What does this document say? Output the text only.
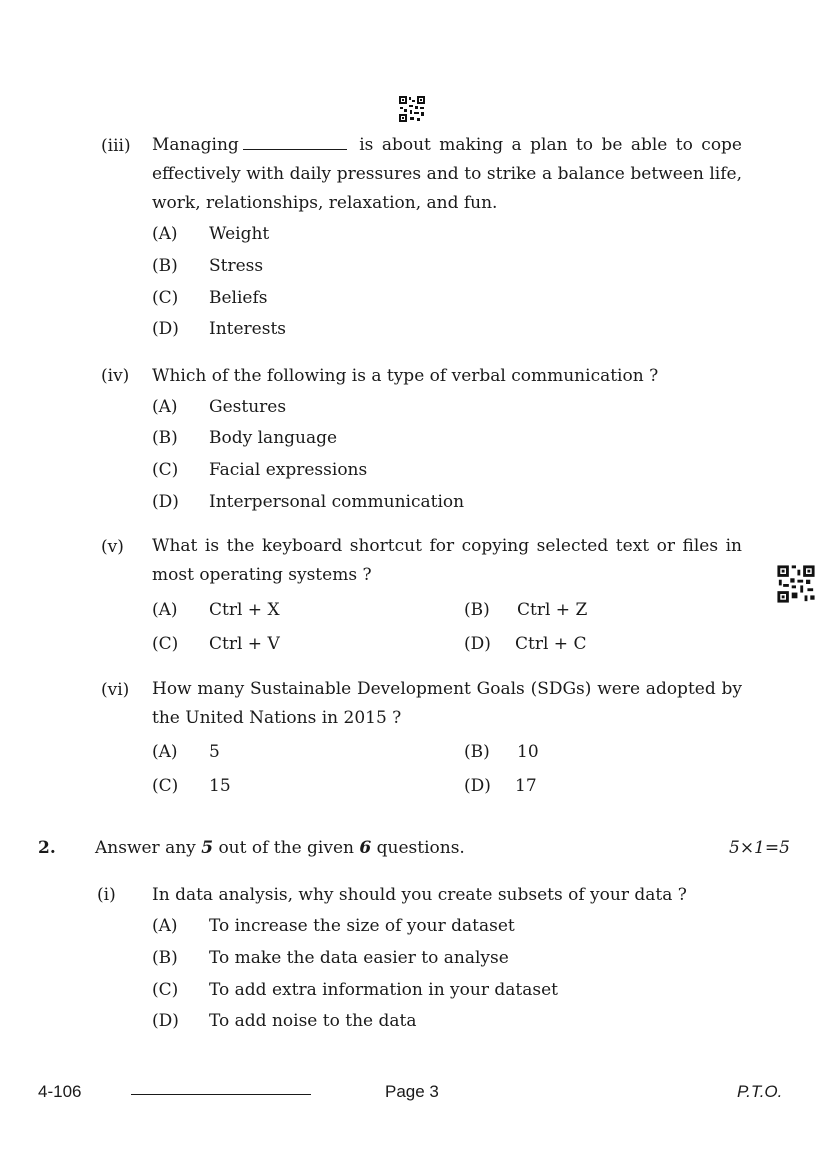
(iii) Managing	is about making a plan to be able to cope effectively with daily pressures and to strike a balance between life, work, relationships, relaxation, and fun.
(A) Weight
(B) Stress
(C) Beliefs
(D) Interests
(iv) Which of the following is a type of verbal communication ?
(A) Gestures
(B) Body language
(C) Facial expressions
(D) Interpersonal communication
(v) What is the keyboard shortcut for copying selected text or files in most operating systems ?
(A) Ctrl + X	(B) Ctrl + Z
(C) Ctrl + V	(D) Ctrl + C
(vi) How many Sustainable Development Goals (SDGs) were adopted by the United Nations in 2015 ?
(A) 5	(B) 10
(C) 15	(D) 17
2. Answer any 5 out of the given 6 questions.	5×1=5
(i) In data analysis, why should you create subsets of your data ?
(A) To increase the size of your dataset
(B) To make the data easier to analyse
(C) To add extra information in your dataset
(D) To add noise to the data
4-106	Page 3	P.T.O.
